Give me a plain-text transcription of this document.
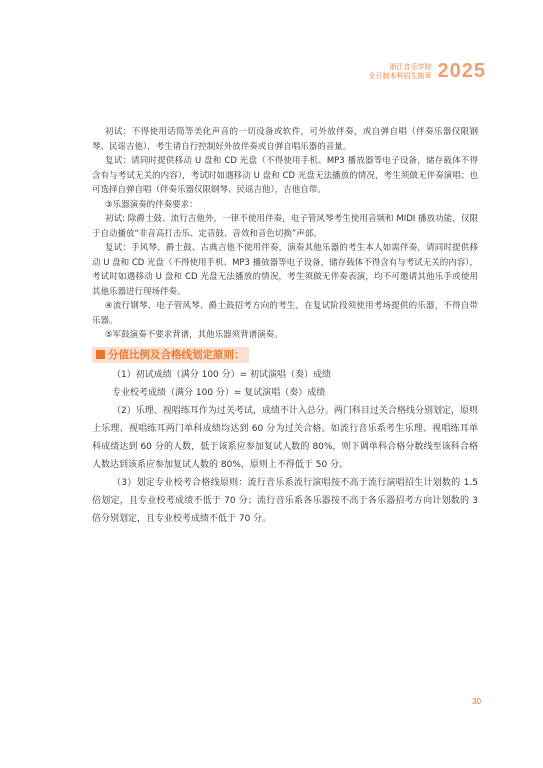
浙江音乐学院
全日制本科招生简章 2025

初试：不得使用话筒等美化声音的一切设备或软件，可外放伴奏，或自弹自唱（伴奏乐器仅限钢琴、民谣吉他），考生请自行控制好外放伴奏或自弹自唱乐器的音量。

复试：请同时提供移动 U 盘和 CD 光盘（不得使用手机、MP3 播放器等电子设备，储存载体不得含有与考试无关的内容），考试时如遇移动 U 盘和 CD 光盘无法播放的情况，考生须做无伴奏演唱；也可选择自弹自唱（伴奏乐器仅限钢琴、民谣吉他），吉他自带。

③乐器演奏的伴奏要求：

初试: 除爵士鼓、流行吉他外，一律不使用伴奏，电子管风琴考生使用音频和 MIDI 播放功能，仅限于自动播放“非音高打击乐、定音鼓、音效和音色切换”声部。

复试：手风琴、爵士鼓、古典吉他不使用伴奏，演奏其他乐器的考生本人如需伴奏，请同时提供移动 U 盘和 CD 光盘（不得使用手机、MP3 播放器等电子设备，储存载体不得含有与考试无关的内容），考试时如遇移动 U 盘和 CD 光盘无法播放的情况，考生须做无伴奏表演，均不可邀请其他乐手或使用其他乐器进行现场伴奏。

④流行钢琴、电子管风琴、爵士鼓招考方向的考生，在复试阶段须使用考场提供的乐器，不得自带乐器。

⑤军鼓演奏不要求背谱，其他乐器须背谱演奏。

分值比例及合格线划定原则：

（1）初试成绩（满分 100 分）= 初试演唱（奏）成绩

专业校考成绩（满分 100 分）= 复试演唱（奏）成绩

（2）乐理、视唱练耳作为过关考试，成绩不计入总分。两门科目过关合格线分别划定，原则上乐理、视唱练耳两门单科成绩均达到 60 分为过关合格。如流行音乐系考生乐理、视唱练耳单科成绩达到 60 分的人数，低于该系应参加复试人数的 80%，则下调单科合格分数线至该科合格人数达到该系应参加复试人数的 80%，原则上不得低于 50 分。

（3）划定专业校考合格线原则：流行音乐系流行演唱按不高于流行演唱招生计划数的 1.5 倍划定，且专业校考成绩不低于 70 分；流行音乐系各乐器按不高于各乐器招考方向计划数的 3 倍分别划定，且专业校考成绩不低于 70 分。

30
